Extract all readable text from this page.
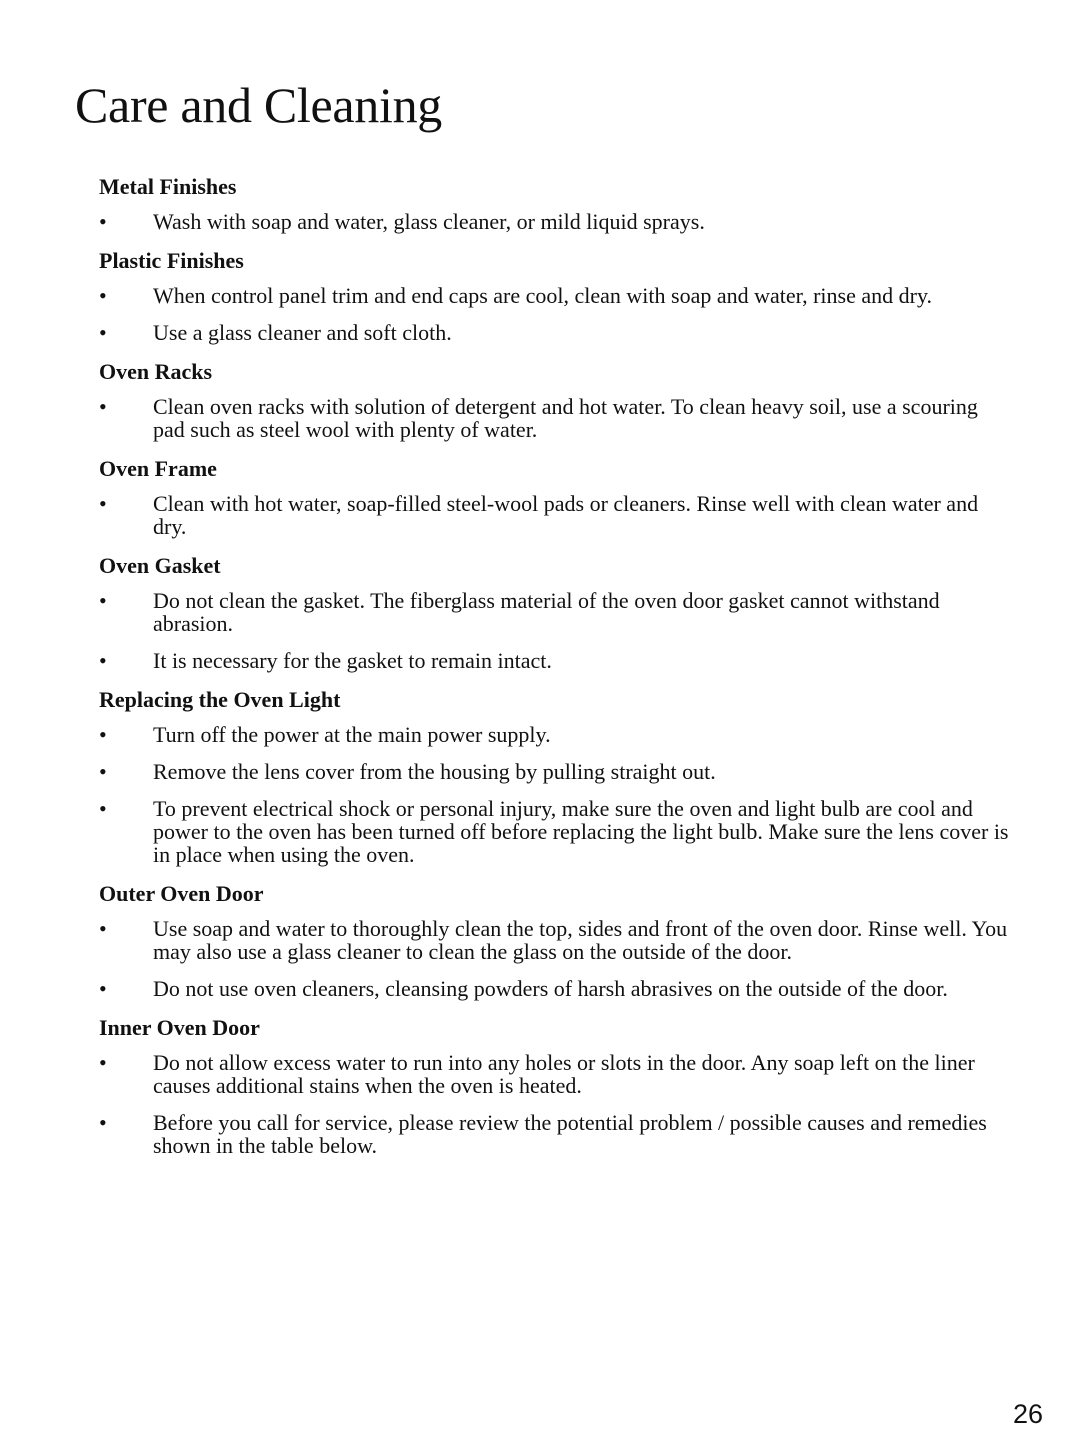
Care and Cleaning
Metal Finishes
• Wash with soap and water, glass cleaner, or mild liquid sprays.
Plastic Finishes
• When control panel trim and end caps are cool, clean with soap and water, rinse and dry.
• Use a glass cleaner and soft cloth.
Oven Racks
• Clean oven racks with solution of detergent and hot water. To clean heavy soil, use a scouring pad such as steel wool with plenty of water.
Oven Frame
• Clean with hot water, soap-filled steel-wool pads or cleaners. Rinse well with clean water and dry.
Oven Gasket
• Do not clean the gasket. The fiberglass material of the oven door gasket cannot withstand abrasion.
• It is necessary for the gasket to remain intact.
Replacing the Oven Light
• Turn off the power at the main power supply.
• Remove the lens cover from the housing by pulling straight out.
• To prevent electrical shock or personal injury, make sure the oven and light bulb are cool and power to the oven has been turned off before replacing the light bulb. Make sure the lens cover is in place when using the oven.
Outer Oven Door
• Use soap and water to thoroughly clean the top, sides and front of the oven door. Rinse well. You may also use a glass cleaner to clean the glass on the outside of the door.
• Do not use oven cleaners, cleansing powders of harsh abrasives on the outside of the door.
Inner Oven Door
• Do not allow excess water to run into any holes or slots in the door. Any soap left on the liner causes additional stains when the oven is heated.
• Before you call for service, please review the potential problem / possible causes and remedies shown in the table below.
26
